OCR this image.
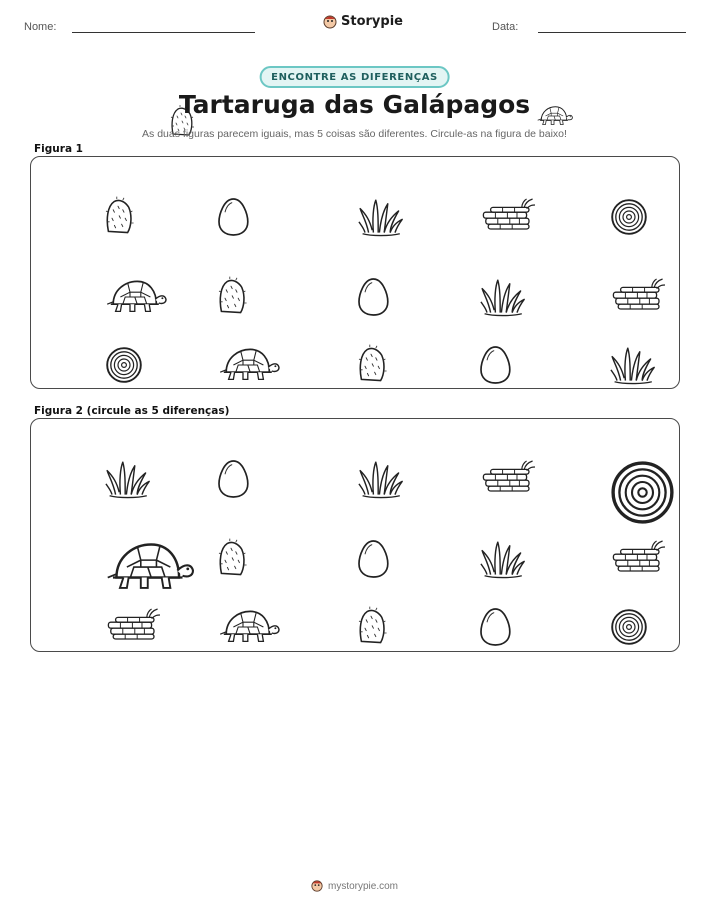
Nome:	Storypie	Data:
ENCONTRE AS DIFERENÇAS
Tartaruga das Galápagos
As duas figuras parecem iguais, mas 5 coisas são diferentes. Circule-as na figura de baixo!
Figura 1
Figura 2 (circule as 5 diferenças)
mystorypie.com
